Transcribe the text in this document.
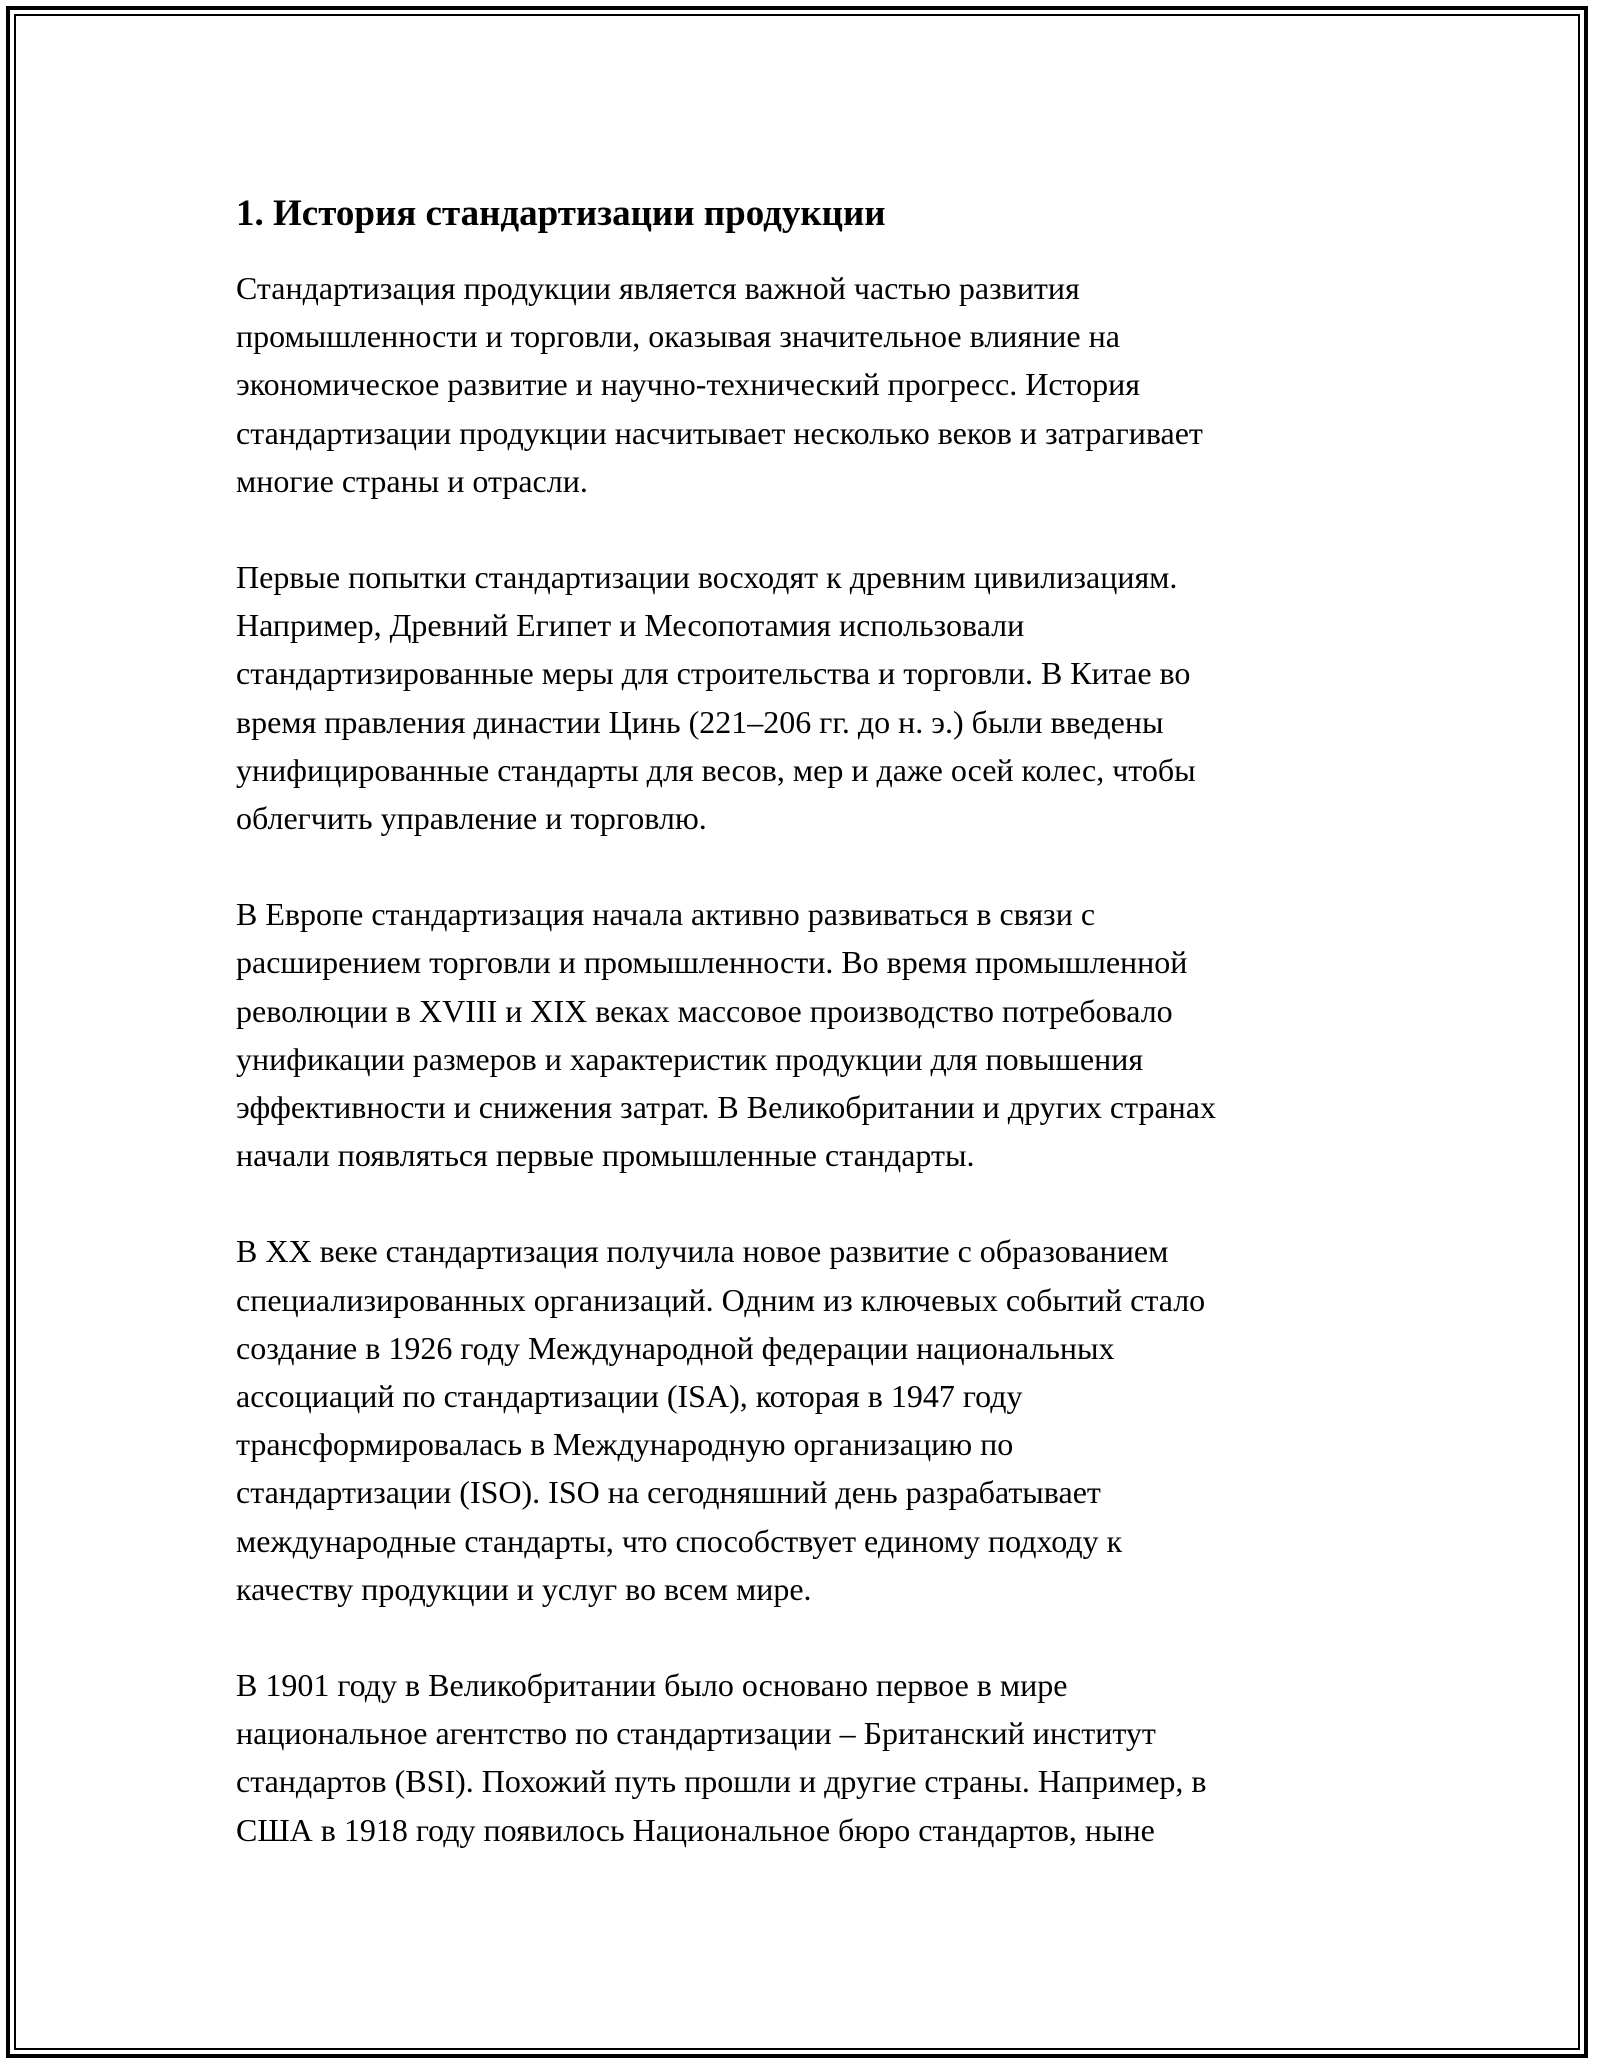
1. История стандартизации продукции

Стандартизация продукции является важной частью развития
промышленности и торговли, оказывая значительное влияние на
экономическое развитие и научно-технический прогресс. История
стандартизации продукции насчитывает несколько веков и затрагивает
многие страны и отрасли.

Первые попытки стандартизации восходят к древним цивилизациям.
Например, Древний Египет и Месопотамия использовали
стандартизированные меры для строительства и торговли. В Китае во
время правления династии Цинь (221–206 гг. до н. э.) были введены
унифицированные стандарты для весов, мер и даже осей колес, чтобы
облегчить управление и торговлю.

В Европе стандартизация начала активно развиваться в связи с
расширением торговли и промышленности. Во время промышленной
революции в XVIII и XIX веках массовое производство потребовало
унификации размеров и характеристик продукции для повышения
эффективности и снижения затрат. В Великобритании и других странах
начали появляться первые промышленные стандарты.

В XX веке стандартизация получила новое развитие с образованием
специализированных организаций. Одним из ключевых событий стало
создание в 1926 году Международной федерации национальных
ассоциаций по стандартизации (ISA), которая в 1947 году
трансформировалась в Международную организацию по
стандартизации (ISO). ISO на сегодняшний день разрабатывает
международные стандарты, что способствует единому подходу к
качеству продукции и услуг во всем мире.

В 1901 году в Великобритании было основано первое в мире
национальное агентство по стандартизации – Британский институт
стандартов (BSI). Похожий путь прошли и другие страны. Например, в
США в 1918 году появилось Национальное бюро стандартов, ныне
